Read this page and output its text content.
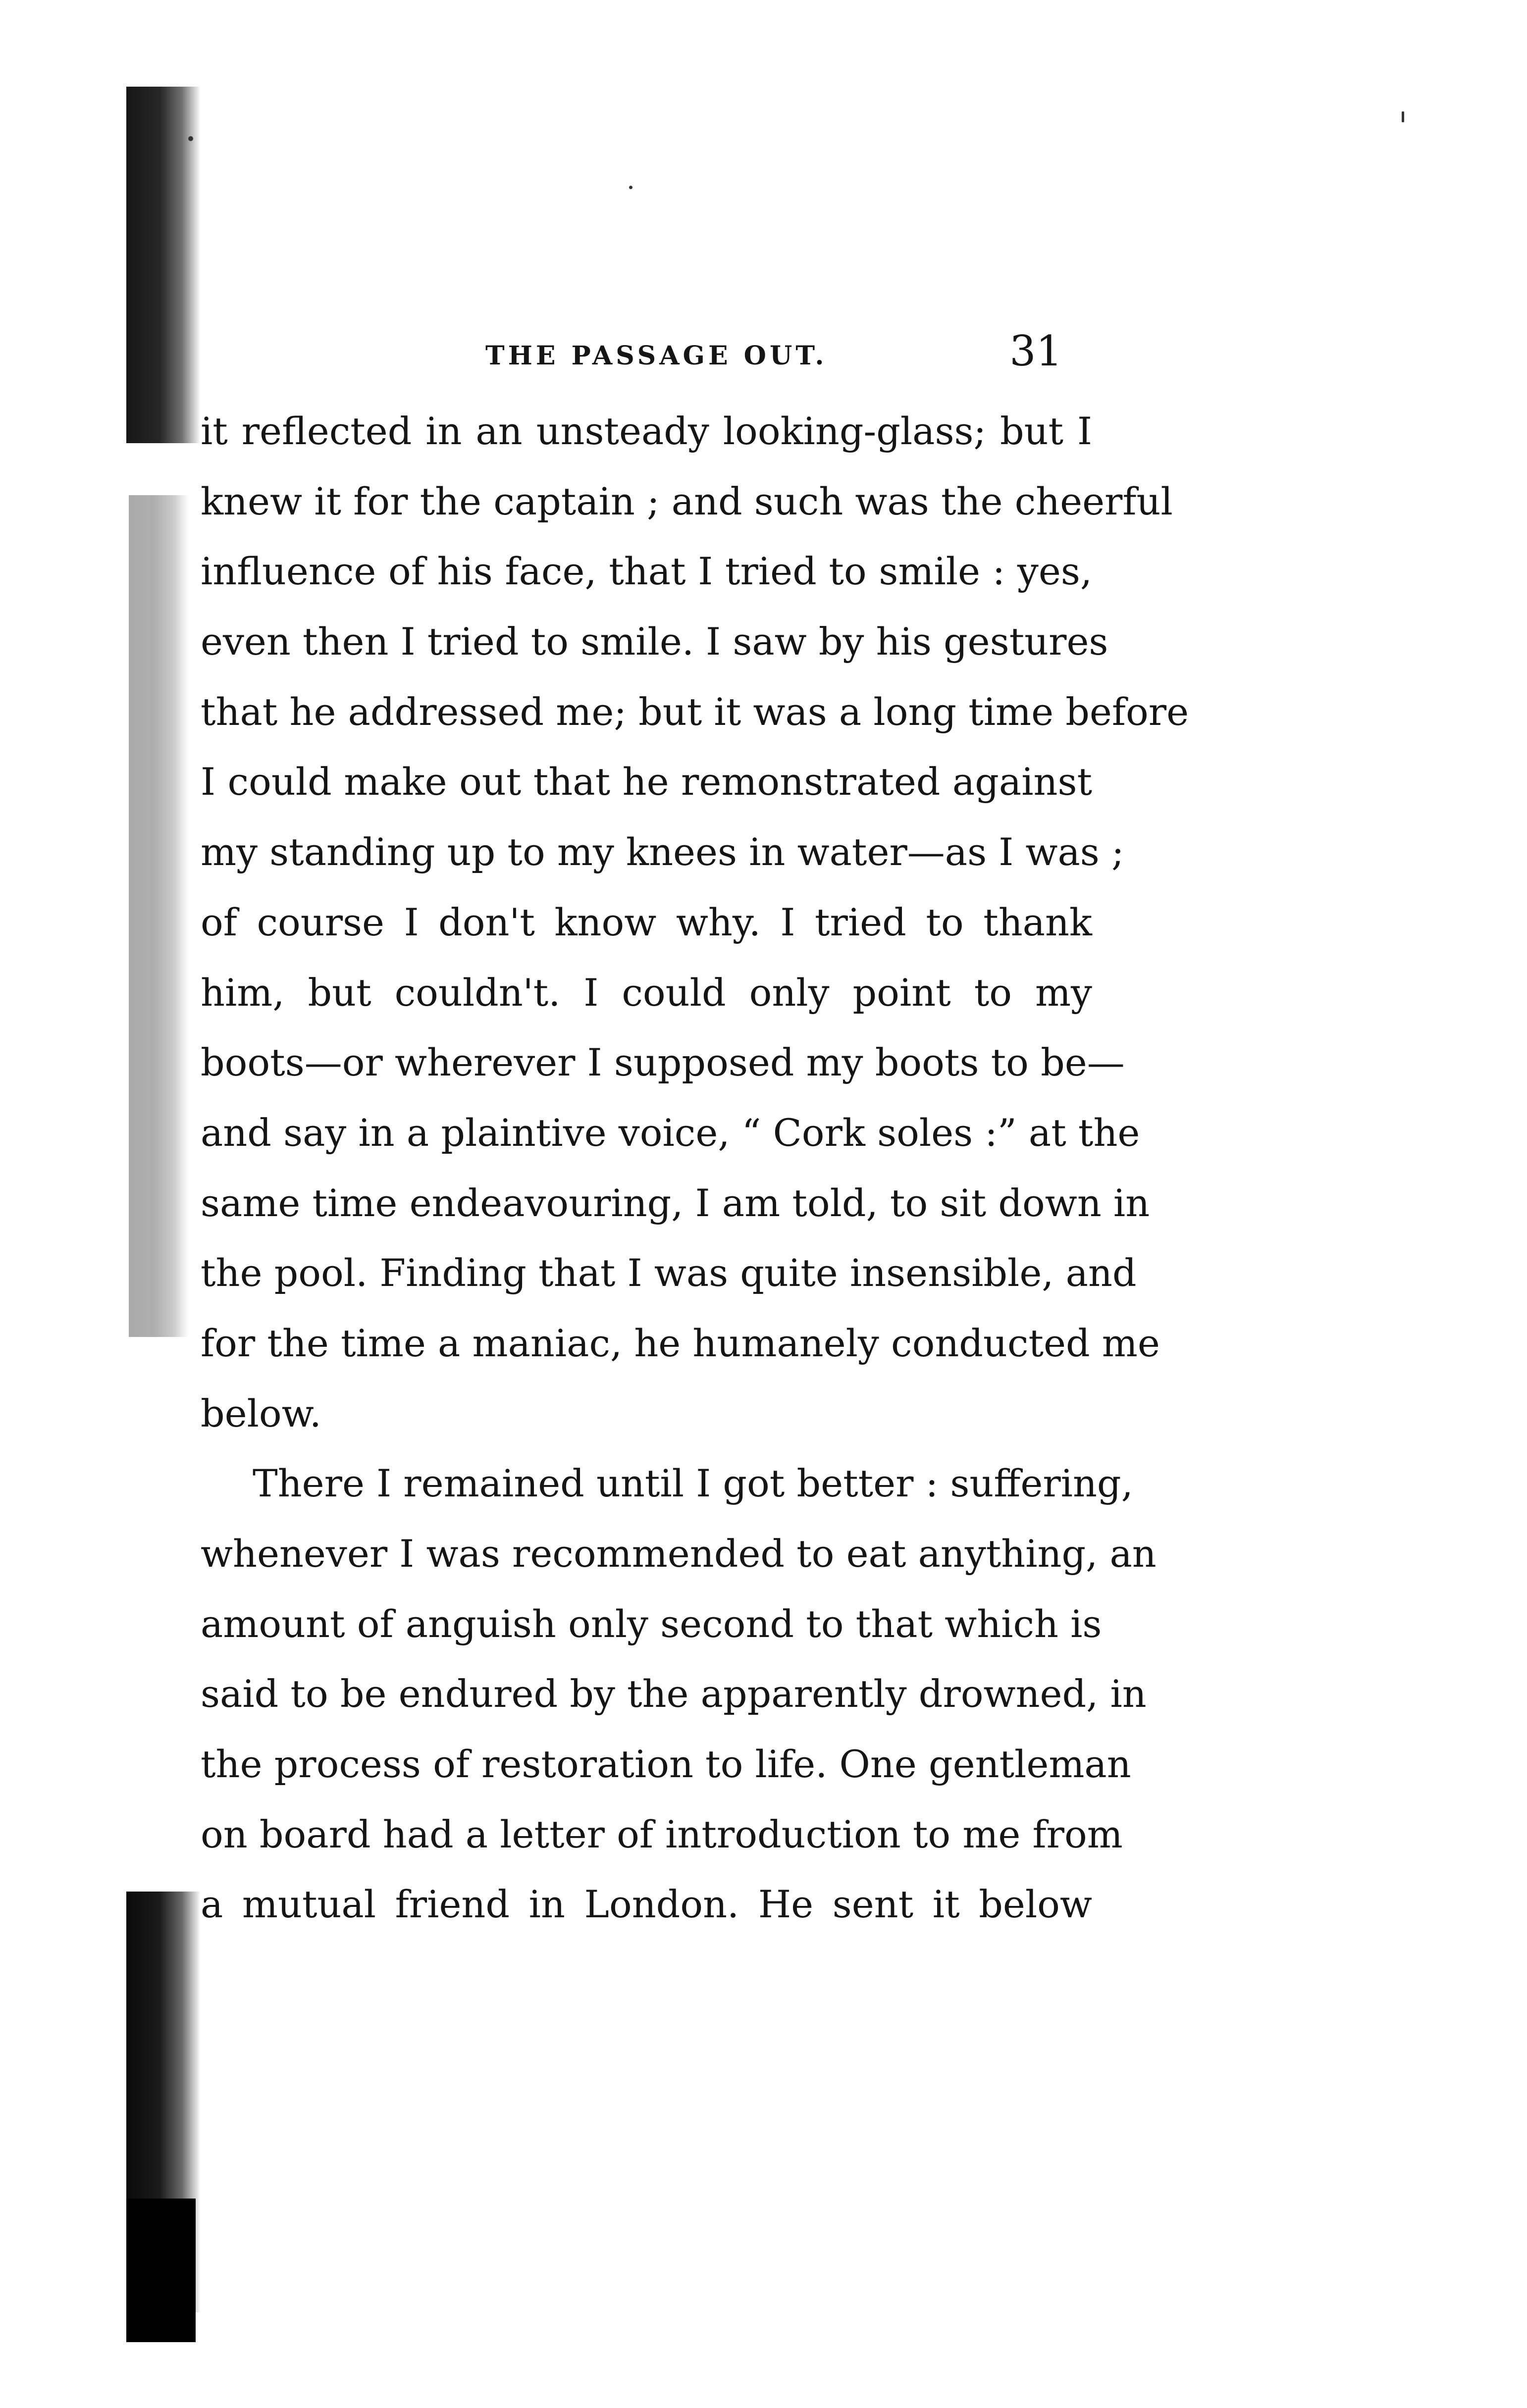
THE PASSAGE OUT.	31
it reflected in an unsteady looking-glass; but I
knew it for the captain ; and such was the cheerful
influence of his face, that I tried to smile : yes,
even then I tried to smile. I saw by his gestures
that he addressed me; but it was a long time before
I could make out that he remonstrated against
my standing up to my knees in water—as I was ;
of course I don't know why. I tried to thank
him, but couldn't. I could only point to my
boots—or wherever I supposed my boots to be—
and say in a plaintive voice, “ Cork soles :” at the
same time endeavouring, I am told, to sit down in
the pool. Finding that I was quite insensible, and
for the time a maniac, he humanely conducted me
below.
There I remained until I got better : suffering,
whenever I was recommended to eat anything, an
amount of anguish only second to that which is
said to be endured by the apparently drowned, in
the process of restoration to life. One gentleman
on board had a letter of introduction to me from
a mutual friend in London. He sent it below
